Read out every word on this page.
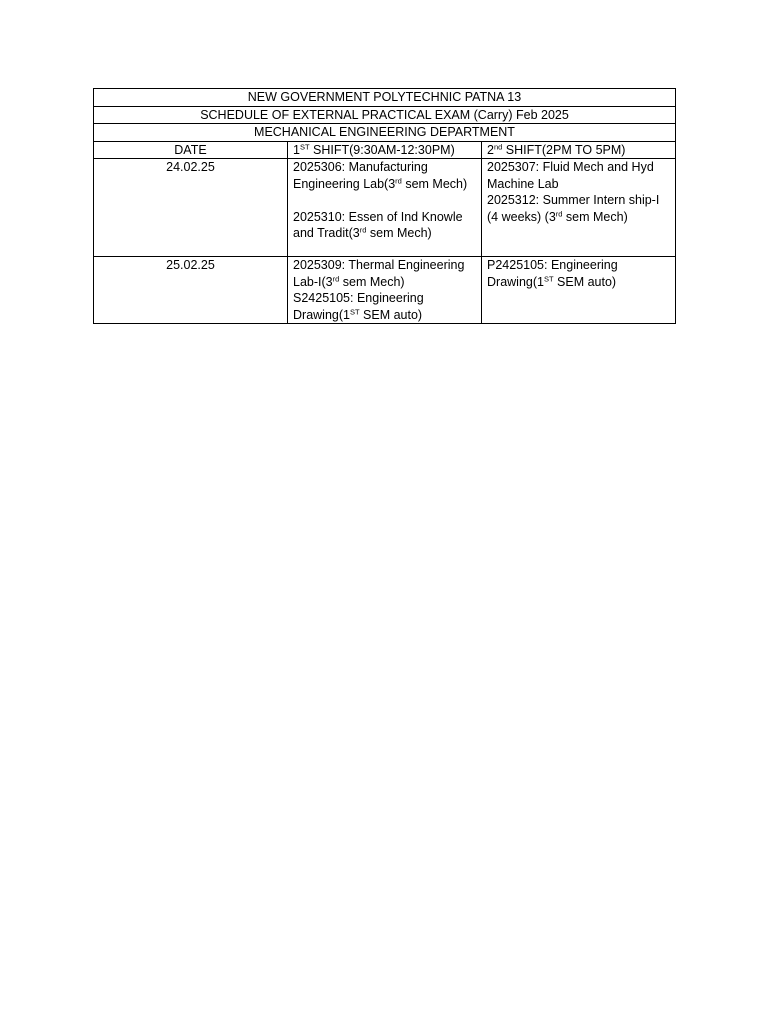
NEW GOVERNMENT POLYTECHNIC PATNA 13		
SCHEDULE OF EXTERNAL PRACTICAL EXAM (Carry) Feb 2025		
MECHANICAL ENGINEERING DEPARTMENT		
DATE	1ST SHIFT(9:30AM-12:30PM)	2nd SHIFT(2PM TO 5PM)
24.02.25	2025306: Manufacturing
Engineering Lab(3rd sem Mech)
2025310: Essen of Ind Knowle
and Tradit(3rd sem Mech)	2025307: Fluid Mech and Hyd
Machine Lab
2025312: Summer Intern ship-I
(4 weeks) (3rd sem Mech)

25.02.25	2025309: Thermal Engineering
Lab-I(3rd sem Mech)
S2425105: Engineering
Drawing(1ST SEM auto)	P2425105: Engineering
Drawing(1ST SEM auto)
